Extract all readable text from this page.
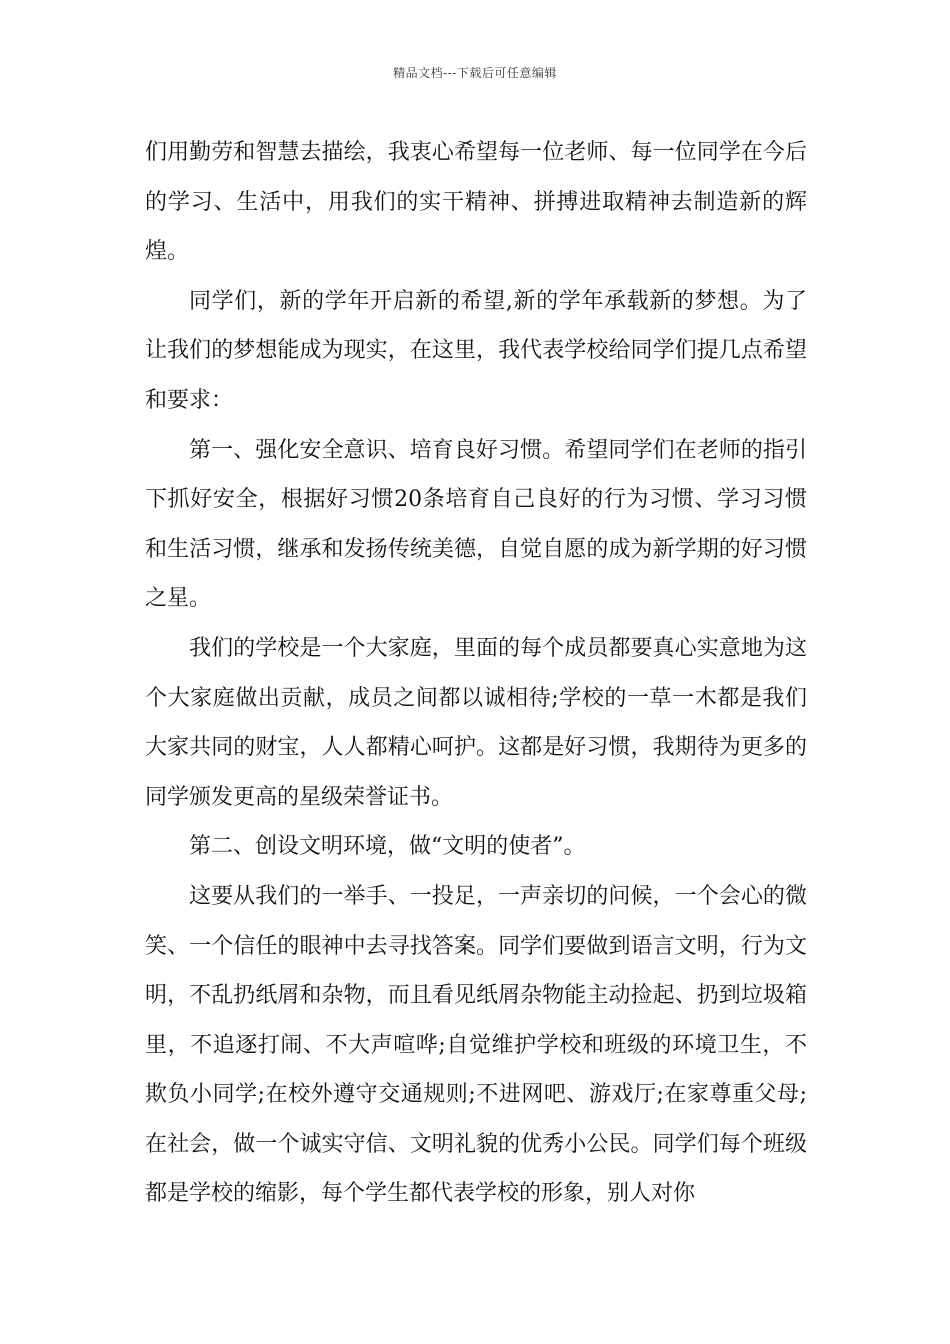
精品文档---下载后可任意编辑

们用勤劳和智慧去描绘，我衷心希望每一位老师、每一位同学在今后的学习、生活中，用我们的实干精神、拼搏进取精神去制造新的辉煌。

同学们，新的学年开启新的希望,新的学年承载新的梦想。为了让我们的梦想能成为现实，在这里，我代表学校给同学们提几点希望和要求：

第一、强化安全意识、培育良好习惯。希望同学们在老师的指引下抓好安全，根据好习惯20条培育自己良好的行为习惯、学习习惯和生活习惯，继承和发扬传统美德，自觉自愿的成为新学期的好习惯之星。

我们的学校是一个大家庭，里面的每个成员都要真心实意地为这个大家庭做出贡献，成员之间都以诚相待;学校的一草一木都是我们大家共同的财宝，人人都精心呵护。这都是好习惯，我期待为更多的同学颁发更高的星级荣誉证书。

第二、创设文明环境，做“文明的使者”。

这要从我们的一举手、一投足，一声亲切的问候，一个会心的微笑、一个信任的眼神中去寻找答案。同学们要做到语言文明，行为文明，不乱扔纸屑和杂物，而且看见纸屑杂物能主动捡起、扔到垃圾箱里，不追逐打闹、不大声喧哗;自觉维护学校和班级的环境卫生，不欺负小同学;在校外遵守交通规则;不进网吧、游戏厅;在家尊重父母;在社会，做一个诚实守信、文明礼貌的优秀小公民。同学们每个班级都是学校的缩影，每个学生都代表学校的形象，别人对你
